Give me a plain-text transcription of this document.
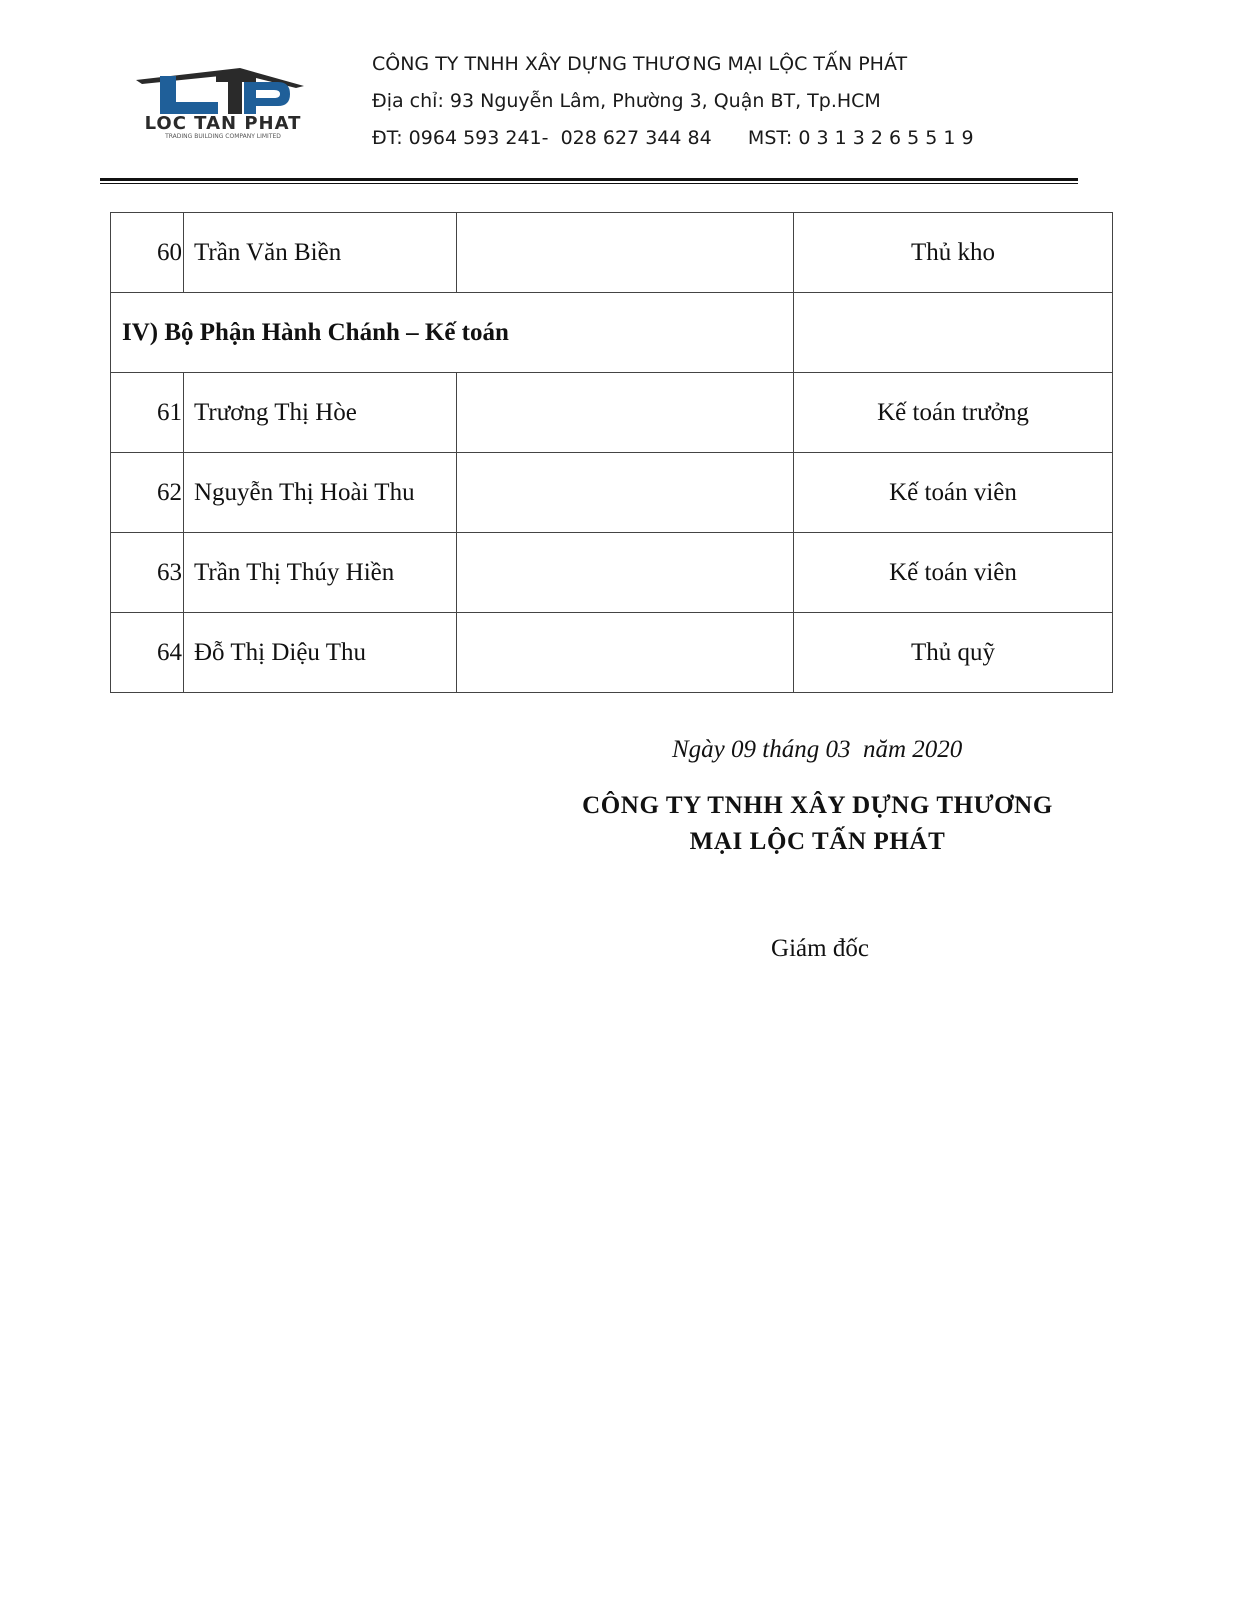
LOC TAN PHAT
TRADING BUILDING COMPANY LIMITED
CÔNG TY TNHH XÂY DỰNG THƯƠNG MẠI LỘC TẤN PHÁT
Địa chỉ: 93 Nguyễn Lâm, Phường 3, Quận BT, Tp.HCM
ĐT: 0964 593 241-  028 627 344 84 MST: 0 3 1 3 2 6 5 5 1 9
60	Trần Văn Biền		Thủ kho
IV) Bộ Phận Hành Chánh – Kế toán			
61	Trương Thị Hòe		Kế toán trưởng
62	Nguyễn Thị Hoài Thu		Kế toán viên
63	Trần Thị Thúy Hiền		Kế toán viên
64	Đỗ Thị Diệu Thu		Thủ quỹ
Ngày 09 tháng 03  năm 2020
CÔNG TY TNHH XÂY DỰNG THƯƠNG
MẠI LỘC TẤN PHÁT
Giám đốc
